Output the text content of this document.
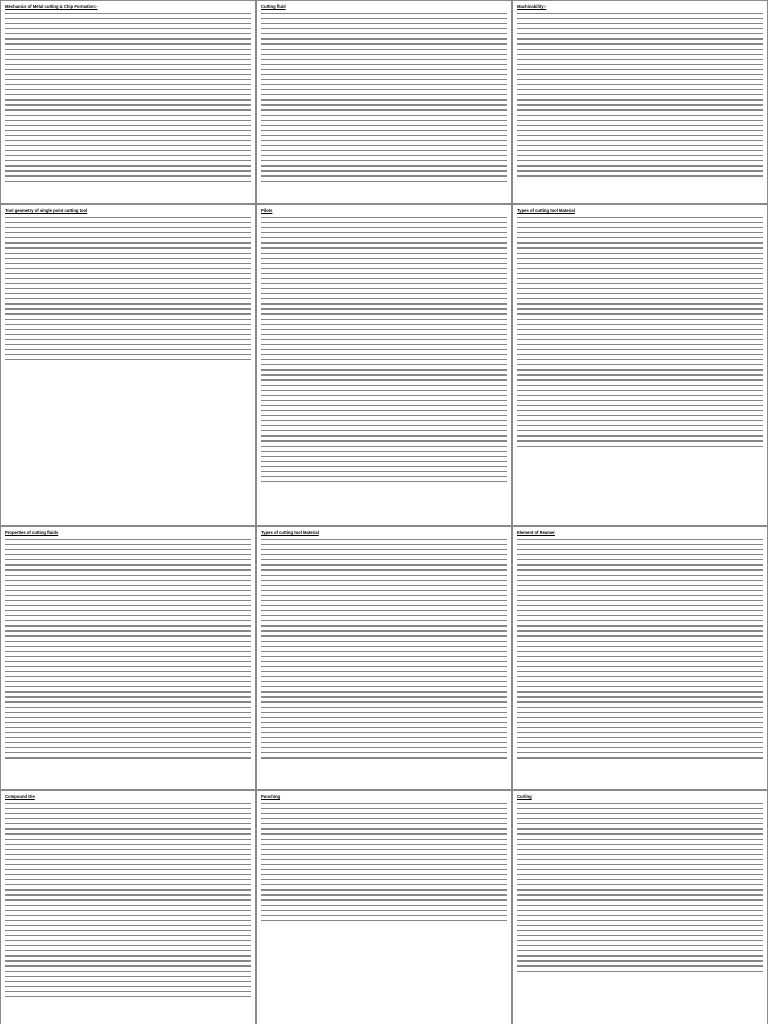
Mechanics of Metal cutting & Chip Formation:-	Cutting fluid	Machinability:-
Tool geometry of single point cutting tool	Pilots	Types of cutting tool Material
Properties of cutting fluids	Types of cutting tool Material	Element of Reamer
Compound Die	Punching	Curling
